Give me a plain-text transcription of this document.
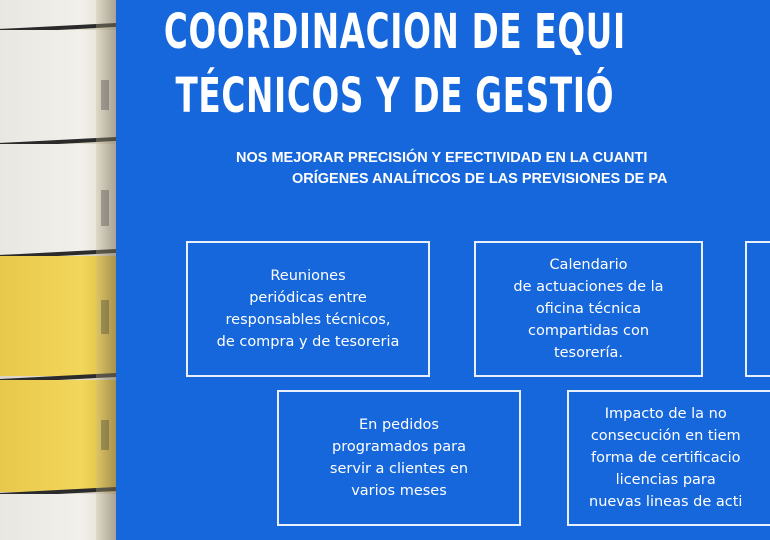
COORDINACION DE EQUI
TÉCNICOS Y DE GESTIÓ
NOS MEJORAR PRECISIÓN Y EFECTIVIDAD EN LA CUANTI
ORÍGENES ANALÍTICOS DE LAS PREVISIONES DE PA
Reuniones
periódicas entre
responsables técnicos,
de compra y de tesoreria
Calendario
de actuaciones de la
oficina técnica
compartidas con
tesorería.
En pedidos
programados para
servir a clientes en
varios meses
Impacto de la no
consecución en tiem
forma de certificacio
licencias para
nuevas lineas de acti
